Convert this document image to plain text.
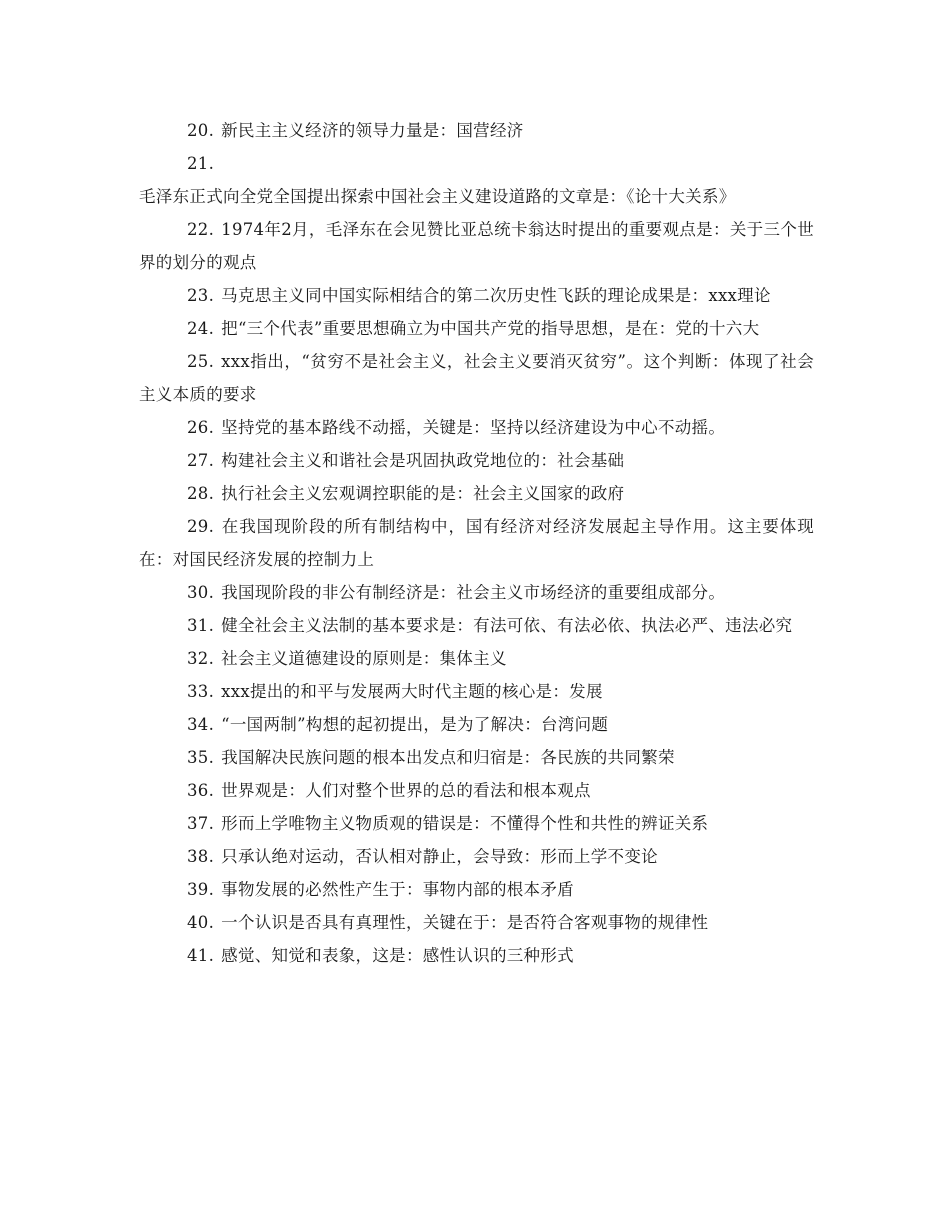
20. 新民主主义经济的领导力量是：国营经济

21.毛泽东正式向全党全国提出探索中国社会主义建设道路的文章是：《论十大关系》

22. 1974年2月，毛泽东在会见赞比亚总统卡翁达时提出的重要观点是：关于三个世界的划分的观点

23. 马克思主义同中国实际相结合的第二次历史性飞跃的理论成果是：xxx理论

24. 把“三个代表”重要思想确立为中国共产党的指导思想，是在：党的十六大

25. xxx指出，“贫穷不是社会主义，社会主义要消灭贫穷”。这个判断：体现了社会主义本质的要求

26. 坚持党的基本路线不动摇，关键是：坚持以经济建设为中心不动摇。

27. 构建社会主义和谐社会是巩固执政党地位的：社会基础

28. 执行社会主义宏观调控职能的是：社会主义国家的政府

29. 在我国现阶段的所有制结构中，国有经济对经济发展起主导作用。这主要体现在：对国民经济发展的控制力上

30. 我国现阶段的非公有制经济是：社会主义市场经济的重要组成部分。

31. 健全社会主义法制的基本要求是：有法可依、有法必依、执法必严、违法必究

32. 社会主义道德建设的原则是：集体主义

33. xxx提出的和平与发展两大时代主题的核心是：发展

34. “一国两制”构想的起初提出，是为了解决：台湾问题

35. 我国解决民族问题的根本出发点和归宿是：各民族的共同繁荣

36. 世界观是：人们对整个世界的总的看法和根本观点

37. 形而上学唯物主义物质观的错误是：不懂得个性和共性的辨证关系

38. 只承认绝对运动，否认相对静止，会导致：形而上学不变论

39. 事物发展的必然性产生于：事物内部的根本矛盾

40. 一个认识是否具有真理性，关键在于：是否符合客观事物的规律性

41. 感觉、知觉和表象，这是：感性认识的三种形式
